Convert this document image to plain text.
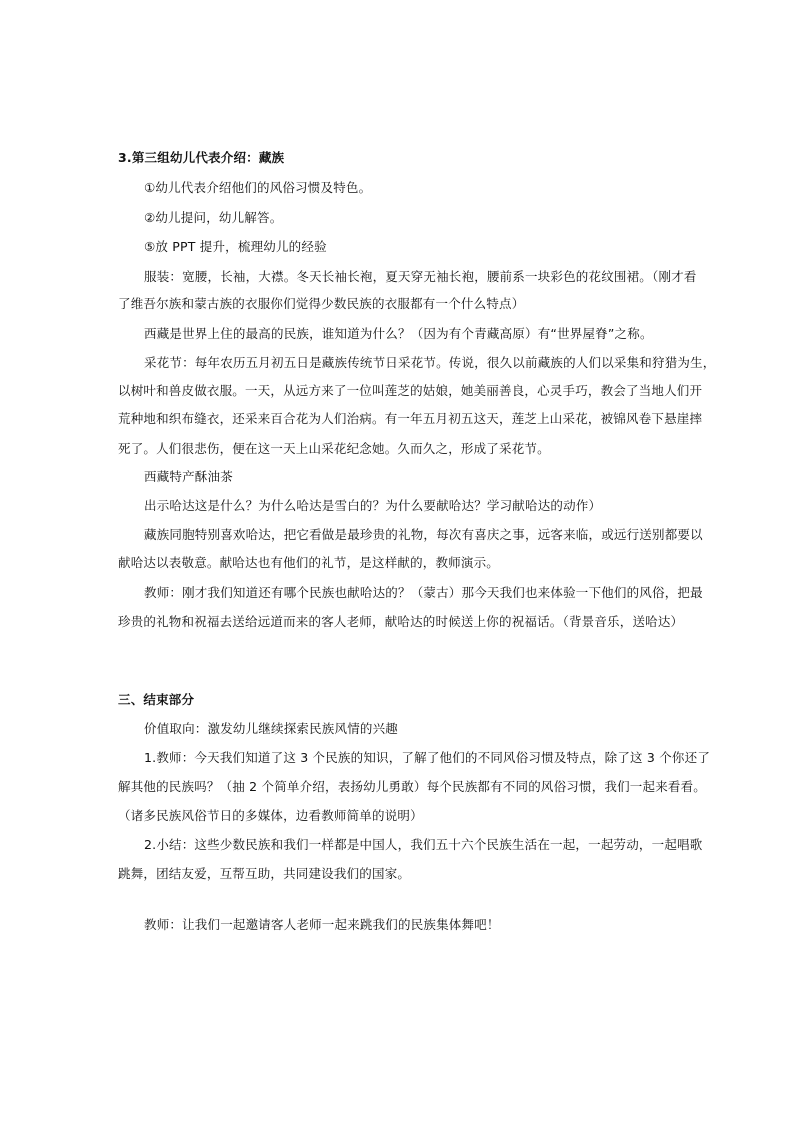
3.第三组幼儿代表介绍：藏族
①幼儿代表介绍他们的风俗习惯及特色。
②幼儿提问，幼儿解答。
⑤放 PPT 提升，梳理幼儿的经验
服装：宽腰，长袖，大襟。冬天长袖长袍，夏天穿无袖长袍，腰前系一块彩色的花纹围裙。（刚才看
了维吾尔族和蒙古族的衣服你们觉得少数民族的衣服都有一个什么特点）
西藏是世界上住的最高的民族，谁知道为什么？（因为有个青藏高原）有“世界屋脊”之称。
采花节：每年农历五月初五日是藏族传统节日采花节。传说，很久以前藏族的人们以采集和狩猎为生，
以树叶和兽皮做衣服。一天，从远方来了一位叫莲芝的姑娘，她美丽善良，心灵手巧，教会了当地人们开
荒种地和织布缝衣，还采来百合花为人们治病。有一年五月初五这天，莲芝上山采花，被锦风卷下悬崖摔
死了。人们很悲伤，便在这一天上山采花纪念她。久而久之，形成了采花节。
西藏特产酥油茶
出示哈达这是什么？为什么哈达是雪白的？为什么要献哈达？学习献哈达的动作）
藏族同胞特别喜欢哈达，把它看做是最珍贵的礼物，每次有喜庆之事，远客来临，或远行送别都要以
献哈达以表敬意。献哈达也有他们的礼节，是这样献的，教师演示。
教师：刚才我们知道还有哪个民族也献哈达的？（蒙古）那今天我们也来体验一下他们的风俗，把最
珍贵的礼物和祝福去送给远道而来的客人老师，献哈达的时候送上你的祝福话。（背景音乐，送哈达）
三、结束部分
价值取向：激发幼儿继续探索民族风情的兴趣
1.教师：今天我们知道了这 3 个民族的知识，了解了他们的不同风俗习惯及特点，除了这 3 个你还了
解其他的民族吗？（抽 2 个简单介绍，表扬幼儿勇敢）每个民族都有不同的风俗习惯，我们一起来看看。
（诸多民族风俗节日的多媒体，边看教师简单的说明）
2.小结：这些少数民族和我们一样都是中国人，我们五十六个民族生活在一起，一起劳动，一起唱歌
跳舞，团结友爱，互帮互助，共同建设我们的国家。
教师：让我们一起邀请客人老师一起来跳我们的民族集体舞吧！
